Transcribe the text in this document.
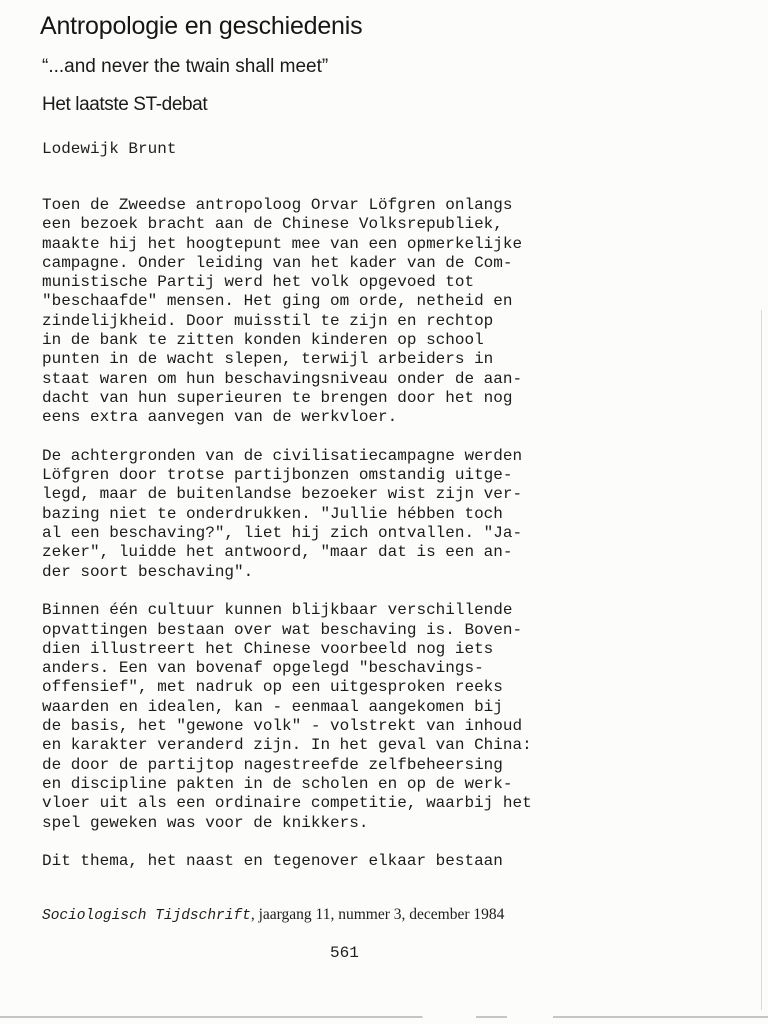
Antropologie en geschiedenis
“...and never the twain shall meet”
Het laatste ST-debat
Lodewijk Brunt
Toen de Zweedse antropoloog Orvar Löfgren onlangs
een bezoek bracht aan de Chinese Volksrepubliek,
maakte hij het hoogtepunt mee van een opmerkelijke
campagne. Onder leiding van het kader van de Com-
munistische Partij werd het volk opgevoed tot
"beschaafde" mensen. Het ging om orde, netheid en
zindelijkheid. Door muisstil te zijn en rechtop
in de bank te zitten konden kinderen op school
punten in de wacht slepen, terwijl arbeiders in
staat waren om hun beschavingsniveau onder de aan-
dacht van hun superieuren te brengen door het nog
eens extra aanvegen van de werkvloer.
De achtergronden van de civilisatiecampagne werden
Löfgren door trotse partijbonzen omstandig uitge-
legd, maar de buitenlandse bezoeker wist zijn ver-
bazing niet te onderdrukken. "Jullie hébben toch
al een beschaving?", liet hij zich ontvallen. "Ja-
zeker", luidde het antwoord, "maar dat is een an-
der soort beschaving".
Binnen één cultuur kunnen blijkbaar verschillende
opvattingen bestaan over wat beschaving is. Boven-
dien illustreert het Chinese voorbeeld nog iets
anders. Een van bovenaf opgelegd "beschavings-
offensief", met nadruk op een uitgesproken reeks
waarden en idealen, kan - eenmaal aangekomen bij
de basis, het "gewone volk" - volstrekt van inhoud
en karakter veranderd zijn. In het geval van China:
de door de partijtop nagestreefde zelfbeheersing
en discipline pakten in de scholen en op de werk-
vloer uit als een ordinaire competitie, waarbij het
spel geweken was voor de knikkers.
Dit thema, het naast en tegenover elkaar bestaan
Sociologisch Tijdschrift, jaargang 11, nummer 3, december 1984
561
